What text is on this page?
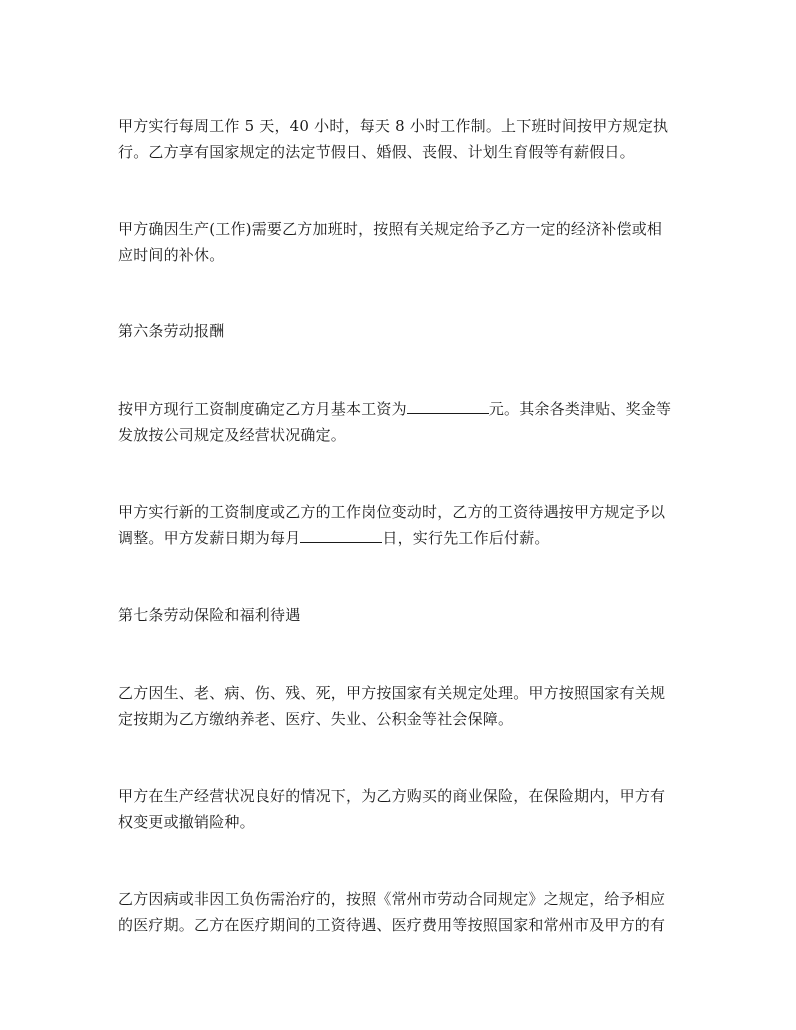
甲方实行每周工作 5 天，40 小时，每天 8 小时工作制。上下班时间按甲方规定执
行。乙方享有国家规定的法定节假日、婚假、丧假、计划生育假等有薪假日。
甲方确因生产(工作)需要乙方加班时，按照有关规定给予乙方一定的经济补偿或相
应时间的补休。
第六条劳动报酬
按甲方现行工资制度确定乙方月基本工资为	元。其余各类津贴、奖金等
发放按公司规定及经营状况确定。
甲方实行新的工资制度或乙方的工作岗位变动时，乙方的工资待遇按甲方规定予以
调整。甲方发薪日期为每月	日，实行先工作后付薪。
第七条劳动保险和福利待遇
乙方因生、老、病、伤、残、死，甲方按国家有关规定处理。甲方按照国家有关规
定按期为乙方缴纳养老、医疗、失业、公积金等社会保障。
甲方在生产经营状况良好的情况下，为乙方购买的商业保险，在保险期内，甲方有
权变更或撤销险种。
乙方因病或非因工负伤需治疗的，按照《常州市劳动合同规定》之规定，给予相应
的医疗期。乙方在医疗期间的工资待遇、医疗费用等按照国家和常州市及甲方的有
